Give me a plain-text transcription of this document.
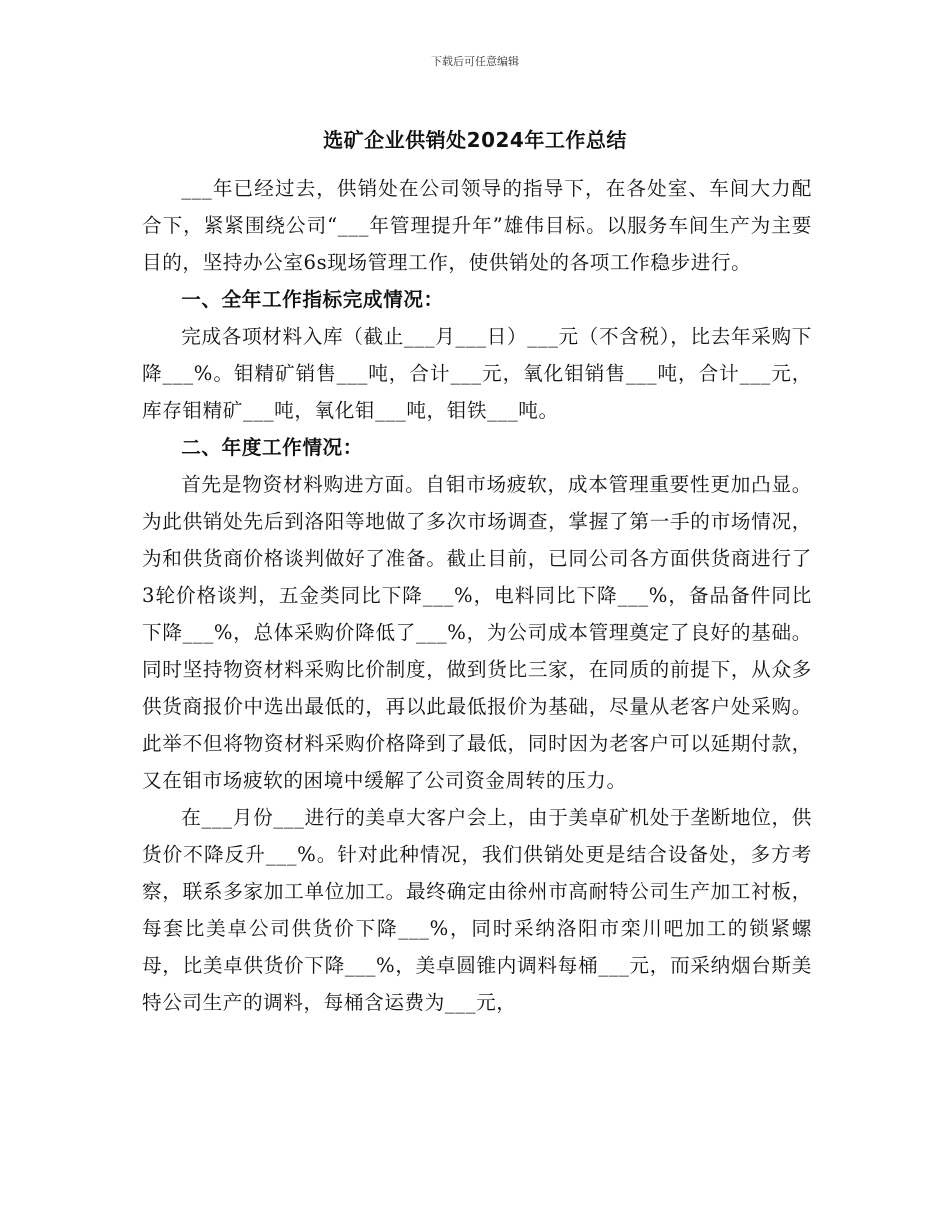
下载后可任意编辑
选矿企业供销处2024年工作总结

___年已经过去，供销处在公司领导的指导下，在各处室、车间大力配合下，紧紧围绕公司“___年管理提升年”雄伟目标。以服务车间生产为主要目的，坚持办公室6s现场管理工作，使供销处的各项工作稳步进行。

一、全年工作指标完成情况：

完成各项材料入库（截止___月___日）___元（不含税），比去年采购下降___%。钼精矿销售___吨，合计___元，氧化钼销售___吨，合计___元，库存钼精矿___吨，氧化钼___吨，钼铁___吨。

二、年度工作情况：

首先是物资材料购进方面。自钼市场疲软，成本管理重要性更加凸显。为此供销处先后到洛阳等地做了多次市场调查，掌握了第一手的市场情况，为和供货商价格谈判做好了准备。截止目前，已同公司各方面供货商进行了3轮价格谈判，五金类同比下降___%，电料同比下降___%，备品备件同比下降___%，总体采购价降低了___%，为公司成本管理奠定了良好的基础。同时坚持物资材料采购比价制度，做到货比三家，在同质的前提下，从众多供货商报价中选出最低的，再以此最低报价为基础，尽量从老客户处采购。此举不但将物资材料采购价格降到了最低，同时因为老客户可以延期付款，又在钼市场疲软的困境中缓解了公司资金周转的压力。

在___月份___进行的美卓大客户会上，由于美卓矿机处于垄断地位，供货价不降反升___%。针对此种情况，我们供销处更是结合设备处，多方考察，联系多家加工单位加工。最终确定由徐州市高耐特公司生产加工衬板，每套比美卓公司供货价下降___%，同时采纳洛阳市栾川吧加工的锁紧螺母，比美卓供货价下降___%，美卓圆锥内调料每桶___元，而采纳烟台斯美特公司生产的调料，每桶含运费为___元，
